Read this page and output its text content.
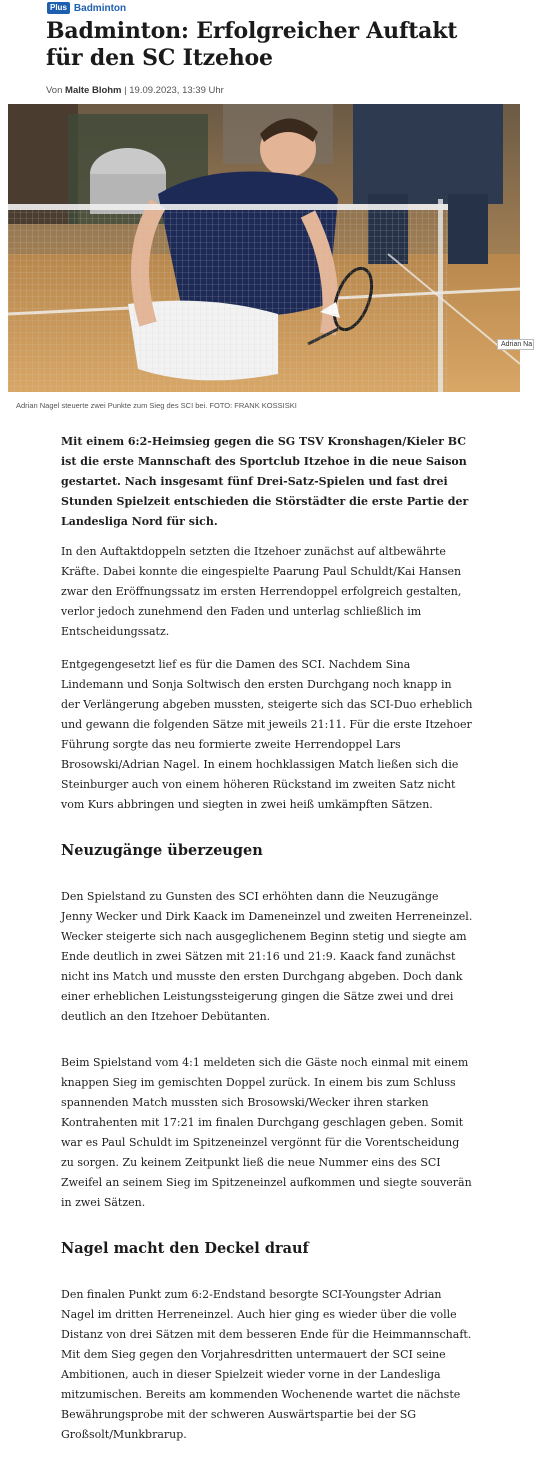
Plus Badminton
Badminton: Erfolgreicher Auftakt für den SC Itzehoe
Von Malte Blohm | 19.09.2023, 13:39 Uhr
Adrian Na
Adrian Nagel steuerte zwei Punkte zum Sieg des SCI bei. FOTO: FRANK KOSSISKI

Mit einem 6:2-Heimsieg gegen die SG TSV Kronshagen/Kieler BC ist die erste Mannschaft des Sportclub Itzehoe in die neue Saison gestartet. Nach insgesamt fünf Drei-Satz-Spielen und fast drei Stunden Spielzeit entschieden die Störstädter die erste Partie der Landesliga Nord für sich.

In den Auftaktdoppeln setzten die Itzehoer zunächst auf altbewährte Kräfte. Dabei konnte die eingespielte Paarung Paul Schuldt/Kai Hansen zwar den Eröffnungssatz im ersten Herrendoppel erfolgreich gestalten, verlor jedoch zunehmend den Faden und unterlag schließlich im Entscheidungssatz.

Entgegengesetzt lief es für die Damen des SCI. Nachdem Sina Lindemann und Sonja Soltwisch den ersten Durchgang noch knapp in der Verlängerung abgeben mussten, steigerte sich das SCI-Duo erheblich und gewann die folgenden Sätze mit jeweils 21:11. Für die erste Itzehoer Führung sorgte das neu formierte zweite Herrendoppel Lars Brosowski/Adrian Nagel. In einem hochklassigen Match ließen sich die Steinburger auch von einem höheren Rückstand im zweiten Satz nicht vom Kurs abbringen und siegten in zwei heiß umkämpften Sätzen.

Neuzugänge überzeugen

Den Spielstand zu Gunsten des SCI erhöhten dann die Neuzugänge Jenny Wecker und Dirk Kaack im Dameneinzel und zweiten Herreneinzel. Wecker steigerte sich nach ausgeglichenem Beginn stetig und siegte am Ende deutlich in zwei Sätzen mit 21:16 und 21:9. Kaack fand zunächst nicht ins Match und musste den ersten Durchgang abgeben. Doch dank einer erheblichen Leistungssteigerung gingen die Sätze zwei und drei deutlich an den Itzehoer Debütanten.

Beim Spielstand vom 4:1 meldeten sich die Gäste noch einmal mit einem knappen Sieg im gemischten Doppel zurück. In einem bis zum Schluss spannenden Match mussten sich Brosowski/Wecker ihren starken Kontrahenten mit 17:21 im finalen Durchgang geschlagen geben. Somit war es Paul Schuldt im Spitzeneinzel vergönnt für die Vorentscheidung zu sorgen. Zu keinem Zeitpunkt ließ die neue Nummer eins des SCI Zweifel an seinem Sieg im Spitzeneinzel aufkommen und siegte souverän in zwei Sätzen.

Nagel macht den Deckel drauf

Den finalen Punkt zum 6:2-Endstand besorgte SCI-Youngster Adrian Nagel im dritten Herreneinzel. Auch hier ging es wieder über die volle Distanz von drei Sätzen mit dem besseren Ende für die Heimmannschaft. Mit dem Sieg gegen den Vorjahresdritten untermauert der SCI seine Ambitionen, auch in dieser Spielzeit wieder vorne in der Landesliga mitzumischen. Bereits am kommenden Wochenende wartet die nächste Bewährungsprobe mit der schweren Auswärtspartie bei der SG Großsolt/Munkbrarup.
